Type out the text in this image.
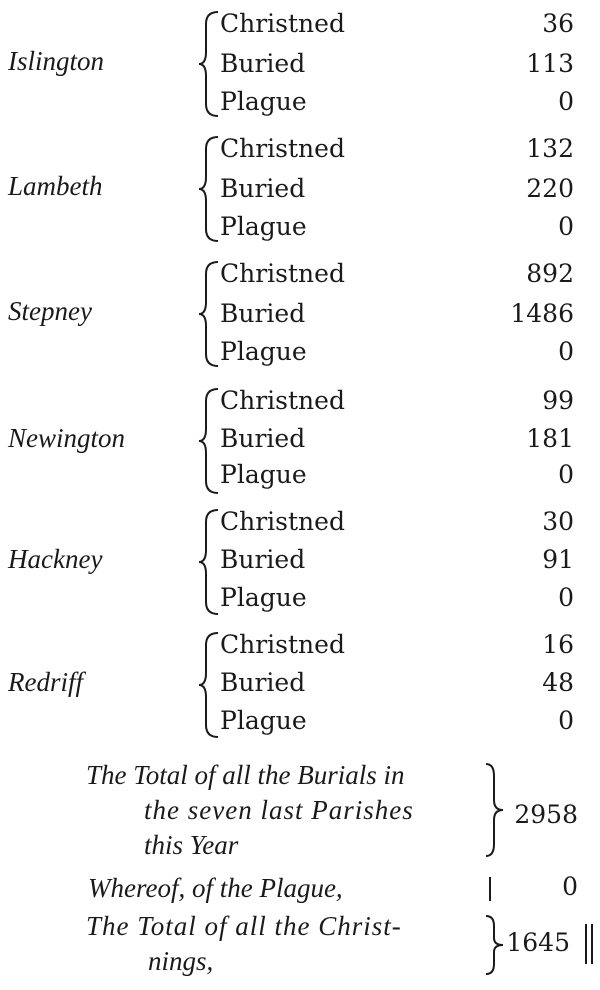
Islington
Christned	36
Buried	113
Plague	0
Lambeth
Christned	132
Buried	220
Plague	0
Stepney
Christned	892
Buried	1486
Plague	0
Newington
Christned	99
Buried	181
Plague	0
Hackney
Christned	30
Buried	91
Plague	0
Redriff
Christned	16
Buried	48
Plague	0
The Total of all the Burials in
the seven last Parishes
this Year
2958
Whereof, of the Plague,	0
The Total of all the Christ-
nings,
1645
